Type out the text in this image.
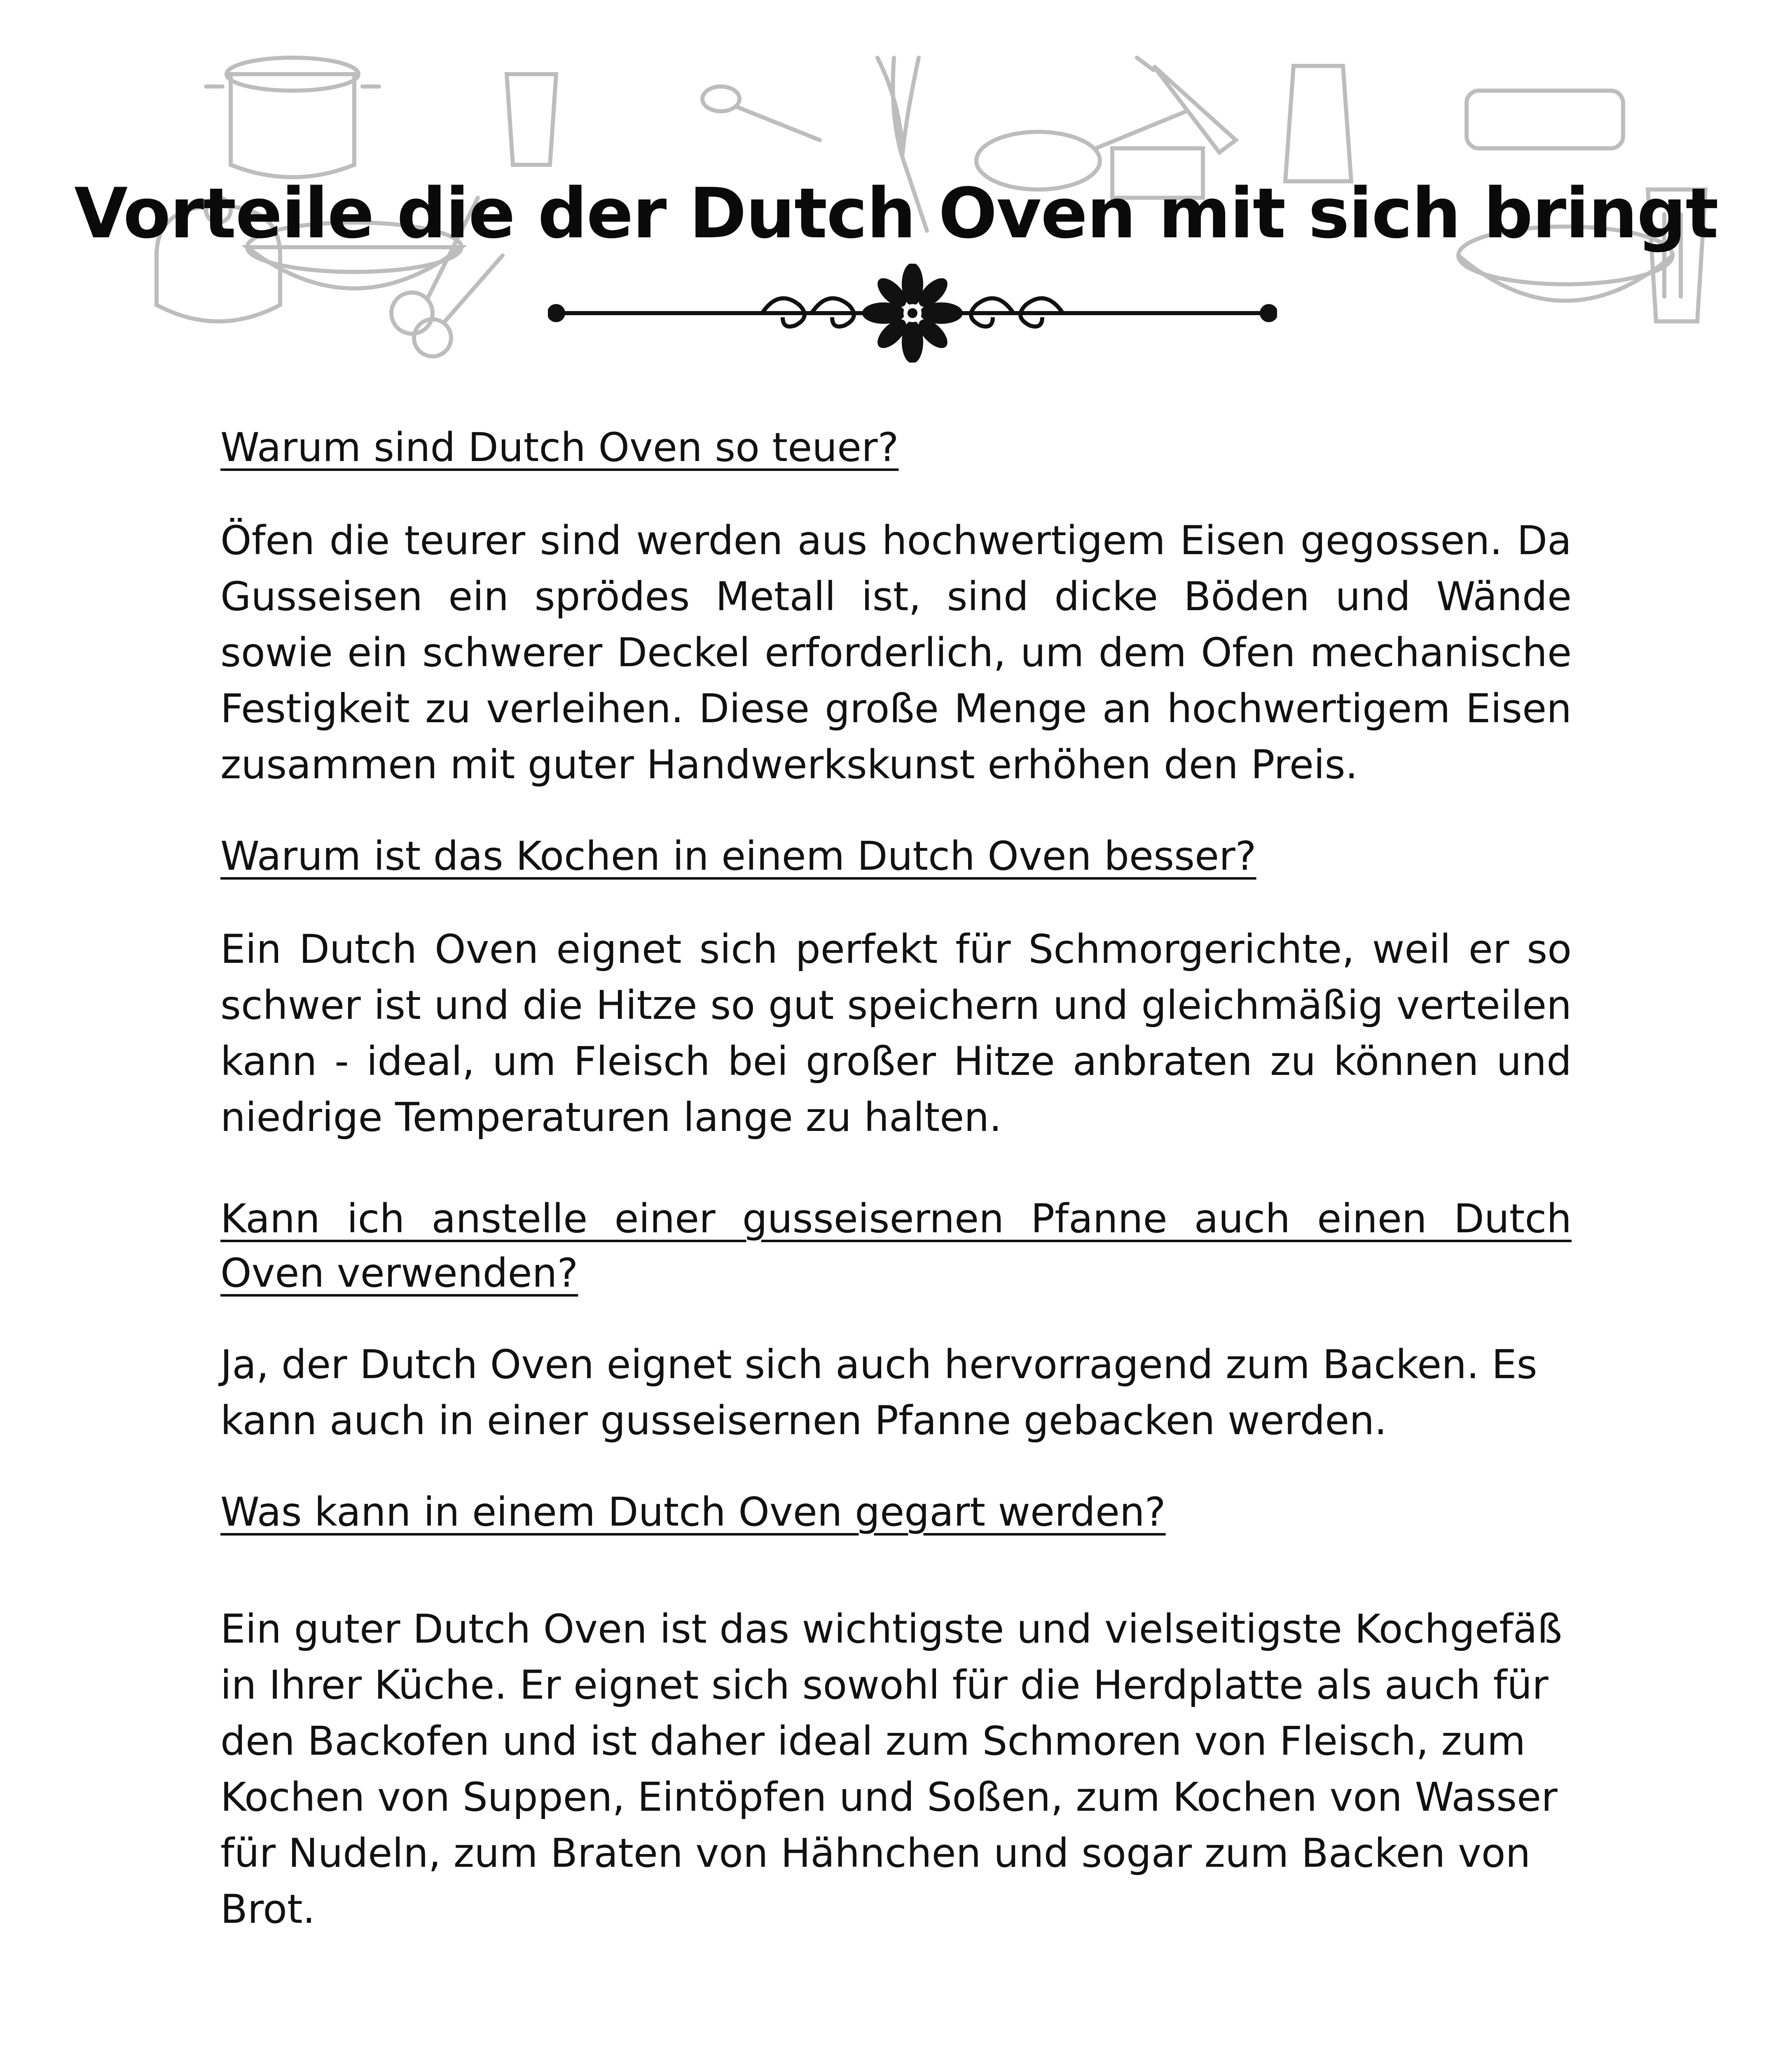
Vorteile die der Dutch Oven mit sich bringt

Warum sind Dutch Oven so teuer?

Öfen die teurer sind werden aus hochwertigem Eisen gegossen. Da Gusseisen ein sprödes Metall ist, sind dicke Böden und Wände sowie ein schwerer Deckel erforderlich, um dem Ofen mechanische Festigkeit zu verleihen. Diese große Menge an hochwertigem Eisen zusammen mit guter Handwerkskunst erhöhen den Preis.

Warum ist das Kochen in einem Dutch Oven besser?

Ein Dutch Oven eignet sich perfekt für Schmorgerichte, weil er so schwer ist und die Hitze so gut speichern und gleichmäßig verteilen kann - ideal, um Fleisch bei großer Hitze anbraten zu können und niedrige Temperaturen lange zu halten.

Kann ich anstelle einer gusseisernen Pfanne auch einen Dutch Oven verwenden?

Ja, der Dutch Oven eignet sich auch hervorragend zum Backen. Es kann auch in einer gusseisernen Pfanne gebacken werden.

Was kann in einem Dutch Oven gegart werden?

Ein guter Dutch Oven ist das wichtigste und vielseitigste Kochgefäß in Ihrer Küche. Er eignet sich sowohl für die Herdplatte als auch für den Backofen und ist daher ideal zum Schmoren von Fleisch, zum Kochen von Suppen, Eintöpfen und Soßen, zum Kochen von Wasser für Nudeln, zum Braten von Hähnchen und sogar zum Backen von Brot.
